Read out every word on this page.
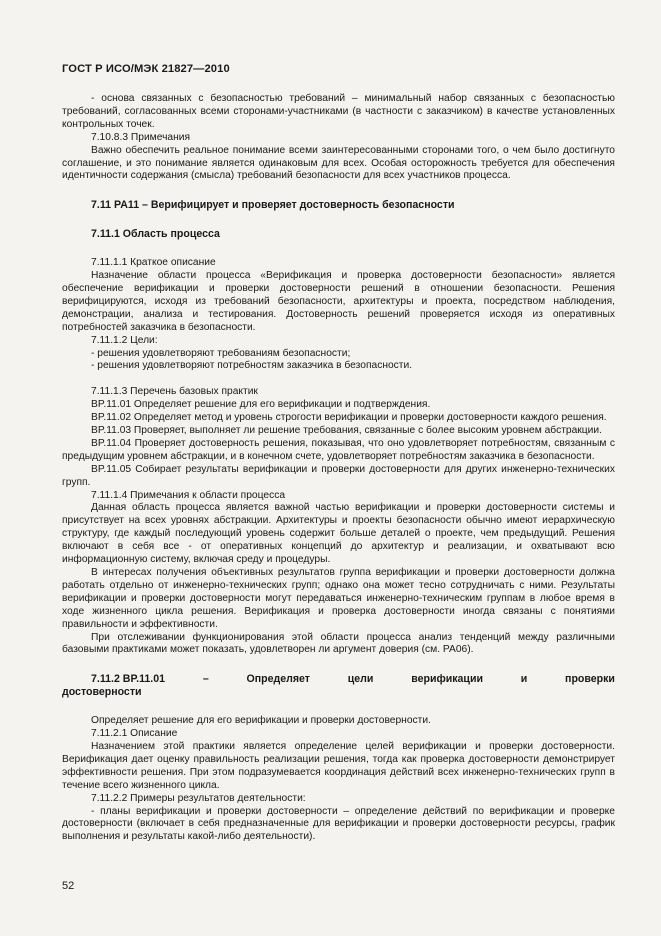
ГОСТ Р ИСО/МЭК 21827—2010

- основа связанных с безопасностью требований – минимальный набор связанных с безопасностью требований, согласованных всеми сторонами-участниками (в частности с заказчиком) в качестве установленных контрольных точек.

7.10.8.3 Примечания

Важно обеспечить реальное понимание всеми заинтересованными сторонами того, о чем было достигнуто соглашение, и это понимание является одинаковым для всех. Особая осторожность требуется для обеспечения идентичности содержания (смысла) требований безопасности для всех участников процесса.

7.11 PA11 – Верифицирует и проверяет достоверность безопасности

7.11.1 Область процесса

7.11.1.1 Краткое описание

Назначение области процесса «Верификация и проверка достоверности безопасности» является обеспечение верификации и проверки достоверности решений в отношении безопасности. Решения верифицируются, исходя из требований безопасности, архитектуры и проекта, посредством наблюдения, демонстрации, анализа и тестирования. Достоверность решений проверяется исходя из оперативных потребностей заказчика в безопасности.

7.11.1.2 Цели:

- решения удовлетворяют требованиям безопасности;

- решения удовлетворяют потребностям заказчика в безопасности.

7.11.1.3 Перечень базовых практик

BP.11.01 Определяет решение для его верификации и подтверждения.

BP.11.02 Определяет метод и уровень строгости верификации и проверки достоверности каждого решения.

BP.11.03 Проверяет, выполняет ли решение требования, связанные с более высоким уровнем абстракции.

BP.11.04 Проверяет достоверность решения, показывая, что оно удовлетворяет потребностям, связанным с предыдущим уровнем абстракции, и в конечном счете, удовлетворяет потребностям заказчика в безопасности.

BP.11.05 Собирает результаты верификации и проверки достоверности для других инженерно-технических групп.

7.11.1.4 Примечания к области процесса

Данная область процесса является важной частью верификации и проверки достоверности системы и присутствует на всех уровнях абстракции. Архитектуры и проекты безопасности обычно имеют иерархическую структуру, где каждый последующий уровень содержит больше деталей о проекте, чем предыдущий. Решения включают в себя все - от оперативных концепций до архитектур и реализации, и охватывают всю информационную систему, включая среду и процедуры.

В интересах получения объективных результатов группа верификации и проверки достоверности должна работать отдельно от инженерно-технических групп; однако она может тесно сотрудничать с ними. Результаты верификации и проверки достоверности могут передаваться инженерно-техническим группам в любое время в ходе жизненного цикла решения. Верификация и проверка достоверности иногда связаны с понятиями правильности и эффективности.

При отслеживании функционирования этой области процесса анализ тенденций между различными базовыми практиками может показать, удовлетворен ли аргумент доверия (см. PA06).

7.11.2 BP.11.01	–	Определяет	цели	верификации	и	проверки

достоверности

Определяет решение для его верификации и проверки достоверности.

7.11.2.1 Описание

Назначением этой практики является определение целей верификации и проверки достоверности. Верификация дает оценку правильность реализации решения, тогда как проверка достоверности демонстрирует эффективности решения. При этом подразумевается координация действий всех инженерно-технических групп в течение всего жизненного цикла.

7.11.2.2 Примеры результатов деятельности:

- планы верификации и проверки достоверности – определение действий по верификации и проверке достоверности (включает в себя предназначенные для верификации и проверки достоверности ресурсы, график выполнения и результаты какой-либо деятельности).

52
